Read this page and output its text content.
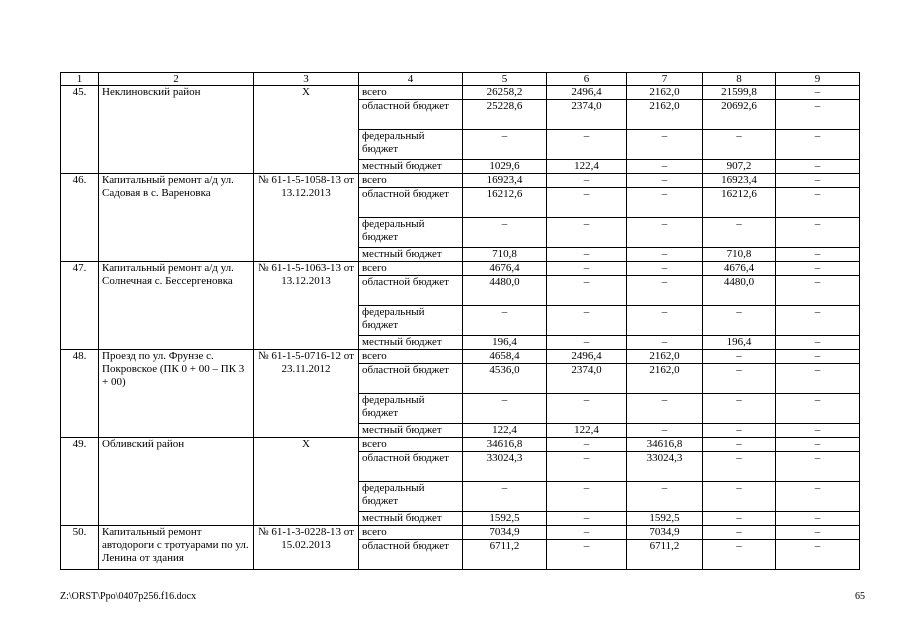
1	2	3	4	5	6	7	8	9
45.	Неклиновский район	Х	всего	26258,2	2496,4	2162,0	21599,8	–
			областной бюджет	25228,6	2374,0	2162,0	20692,6	–
			федеральный бюджет	–	–	–	–	–
			местный бюджет	1029,6	122,4	–	907,2	–
46.	Капитальный ремонт а/д ул. Садовая в с. Вареновка	№ 61-1-5-1058-13 от 13.12.2013	всего	16923,4	–	–	16923,4	–
			областной бюджет	16212,6	–	–	16212,6	–
			федеральный бюджет	–	–	–	–	–
			местный бюджет	710,8	–	–	710,8	–
47.	Капитальный ремонт а/д ул. Солнечная с. Бессергеновка	№ 61-1-5-1063-13 от 13.12.2013	всего	4676,4	–	–	4676,4	–
			областной бюджет	4480,0	–	–	4480,0	–
			федеральный бюджет	–	–	–	–	–
			местный бюджет	196,4	–	–	196,4	–
48.	Проезд по ул. Фрунзе с. Покровское (ПК 0 + 00 – ПК 3 + 00)	№ 61-1-5-0716-12 от 23.11.2012	всего	4658,4	2496,4	2162,0	–	–
			областной бюджет	4536,0	2374,0	2162,0	–	–
			федеральный бюджет	–	–	–	–	–
			местный бюджет	122,4	122,4	–	–	–
49.	Обливский район	Х	всего	34616,8	–	34616,8	–	–
			областной бюджет	33024,3	–	33024,3	–	–
			федеральный бюджет	–	–	–	–	–
			местный бюджет	1592,5	–	1592,5	–	–
50.	Капитальный ремонт автодороги с тротуарами по ул. Ленина от здания	№ 61-1-3-0228-13 от 15.02.2013	всего	7034,9	–	7034,9	–	–
			областной бюджет	6711,2	–	6711,2	–	–
Z:\ORST\Ppo\0407p256.f16.docx	65
